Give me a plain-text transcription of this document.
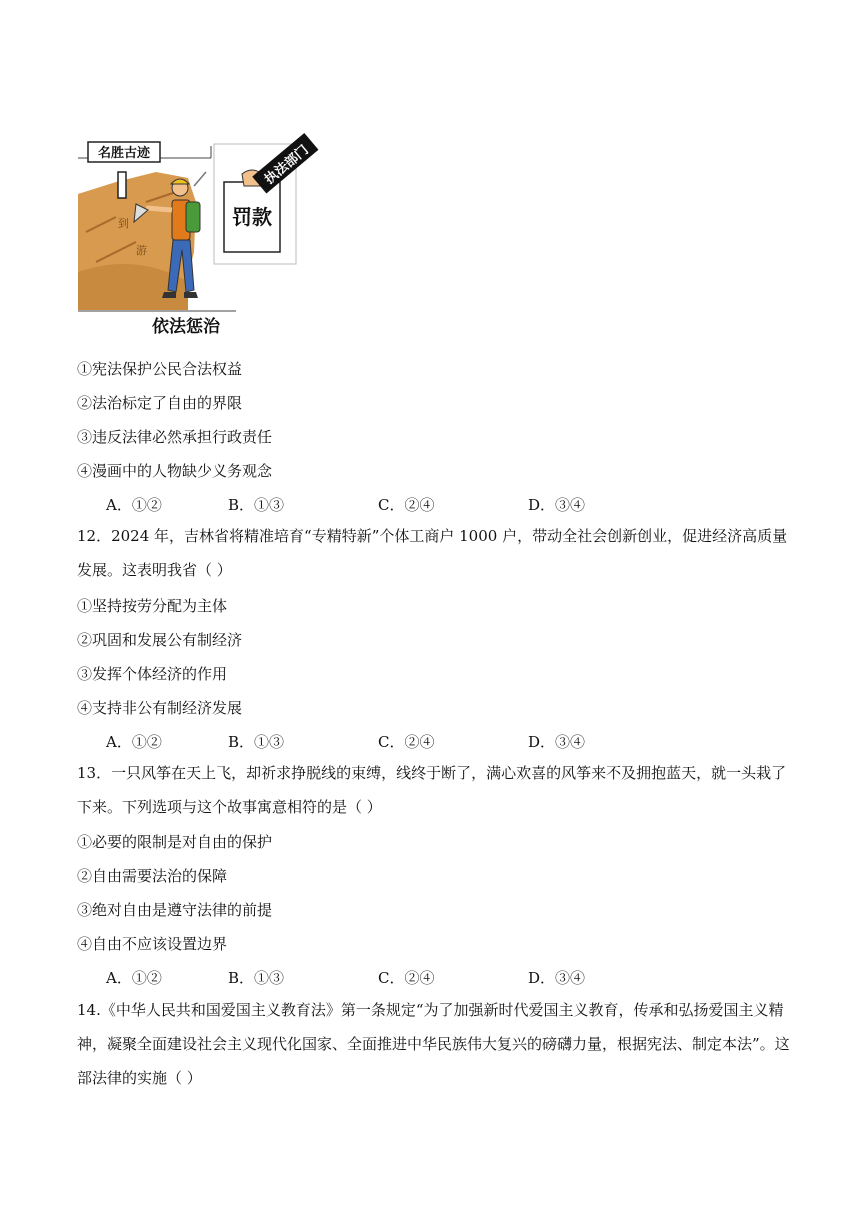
到
游
名胜古迹
罚款
执法部门
依法惩治
①宪法保护公民合法权益
②法治标定了自由的界限
③违反法律必然承担行政责任
④漫画中的人物缺少义务观念
A．①②	B．①③	C．②④	D．③④
12．2024 年，吉林省将精准培育“专精特新”个体工商户 1000 户，带动全社会创新创业，促进经济高质量发展。这表明我省（ ）
①坚持按劳分配为主体
②巩固和发展公有制经济
③发挥个体经济的作用
④支持非公有制经济发展
A．①②	B．①③	C．②④	D．③④
13．一只风筝在天上飞，却祈求挣脱线的束缚，线终于断了，满心欢喜的风筝来不及拥抱蓝天，就一头栽了下来。下列选项与这个故事寓意相符的是（ ）
①必要的限制是对自由的保护
②自由需要法治的保障
③绝对自由是遵守法律的前提
④自由不应该设置边界
A．①②	B．①③	C．②④	D．③④
14.《中华人民共和国爱国主义教育法》第一条规定“为了加强新时代爱国主义教育，传承和弘扬爱国主义精神，凝聚全面建设社会主义现代化国家、全面推进中华民族伟大复兴的磅礴力量，根据宪法、制定本法”。这部法律的实施（ ）
